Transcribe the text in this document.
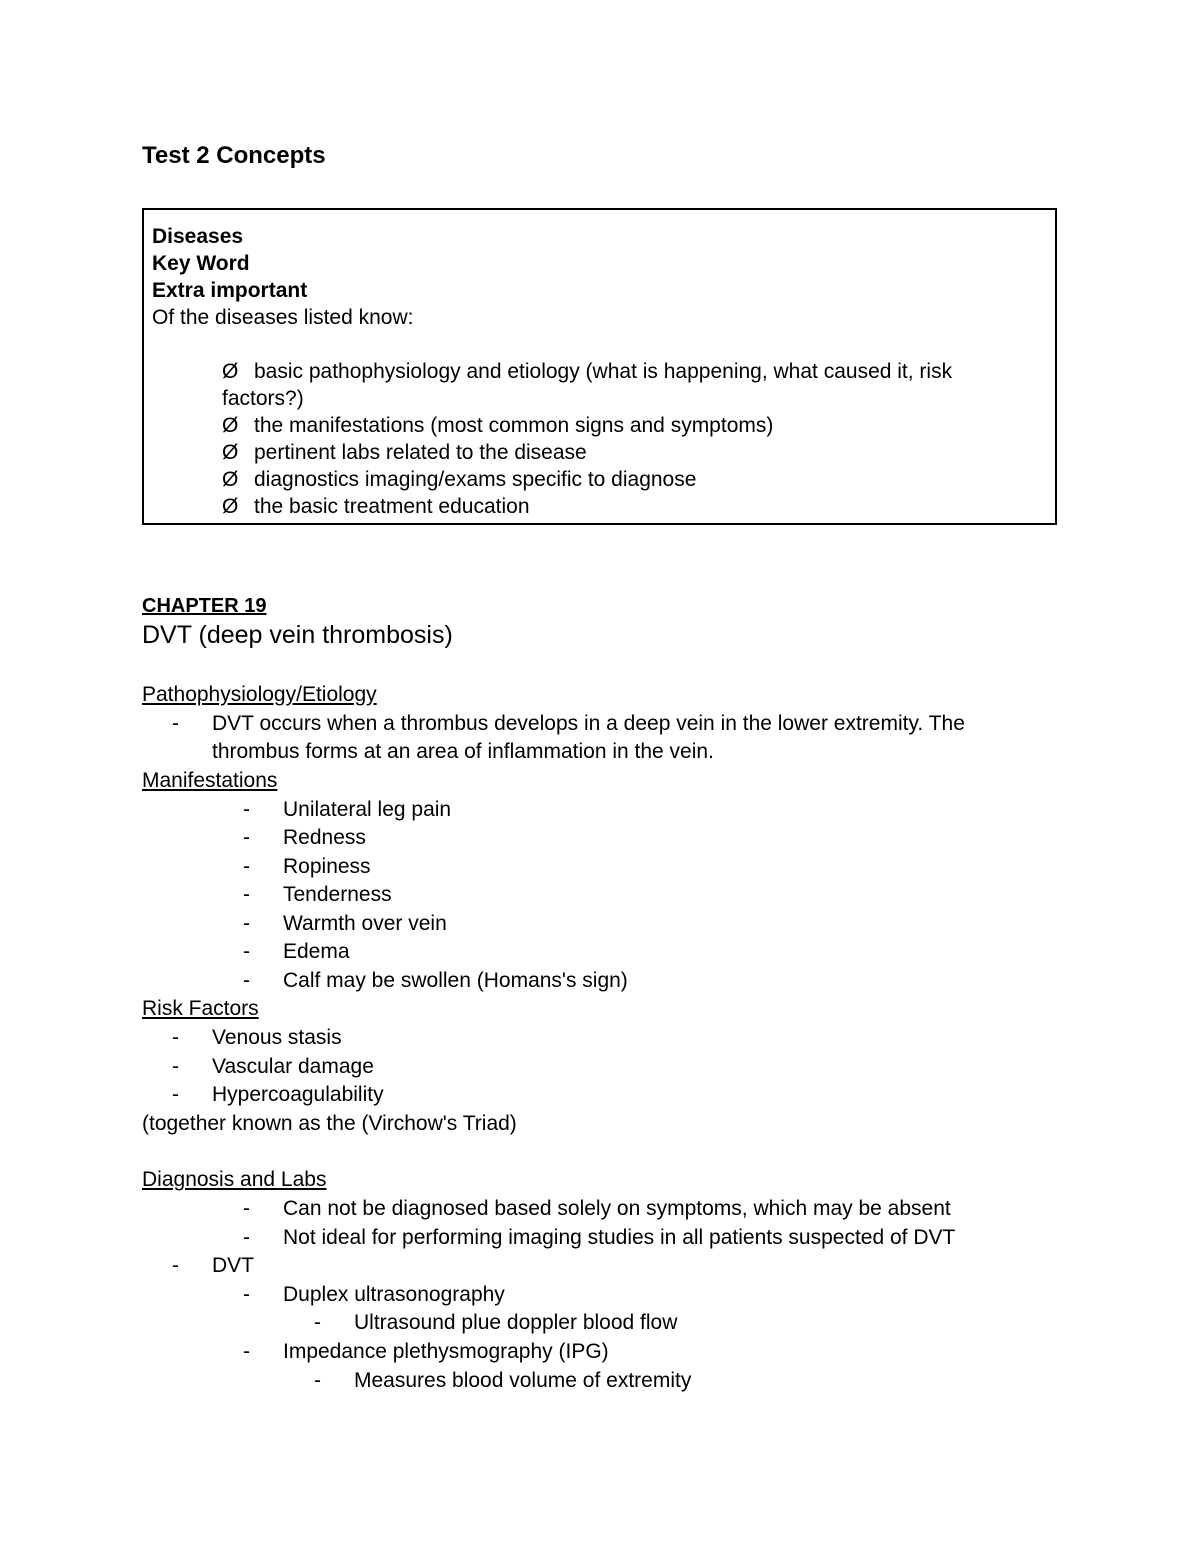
Test 2 Concepts
Diseases
Key Word
Extra important
Of the diseases listed know:
Ø basic pathophysiology and etiology (what is happening, what caused it, risk
factors?)
Ø the manifestations (most common signs and symptoms)
Ø pertinent labs related to the disease
Ø diagnostics imaging/exams specific to diagnose
Ø the basic treatment education
CHAPTER 19
DVT (deep vein thrombosis)
Pathophysiology/Etiology
- DVT occurs when a thrombus develops in a deep vein in the lower extremity. The
thrombus forms at an area of inflammation in the vein.
Manifestations
- Unilateral leg pain
- Redness
- Ropiness
- Tenderness
- Warmth over vein
- Edema
- Calf may be swollen (Homans's sign)
Risk Factors
- Venous stasis
- Vascular damage
- Hypercoagulability
(together known as the (Virchow's Triad)
Diagnosis and Labs
- Can not be diagnosed based solely on symptoms, which may be absent
- Not ideal for performing imaging studies in all patients suspected of DVT
- DVT
- Duplex ultrasonography
- Ultrasound plue doppler blood flow
- Impedance plethysmography (IPG)
- Measures blood volume of extremity
